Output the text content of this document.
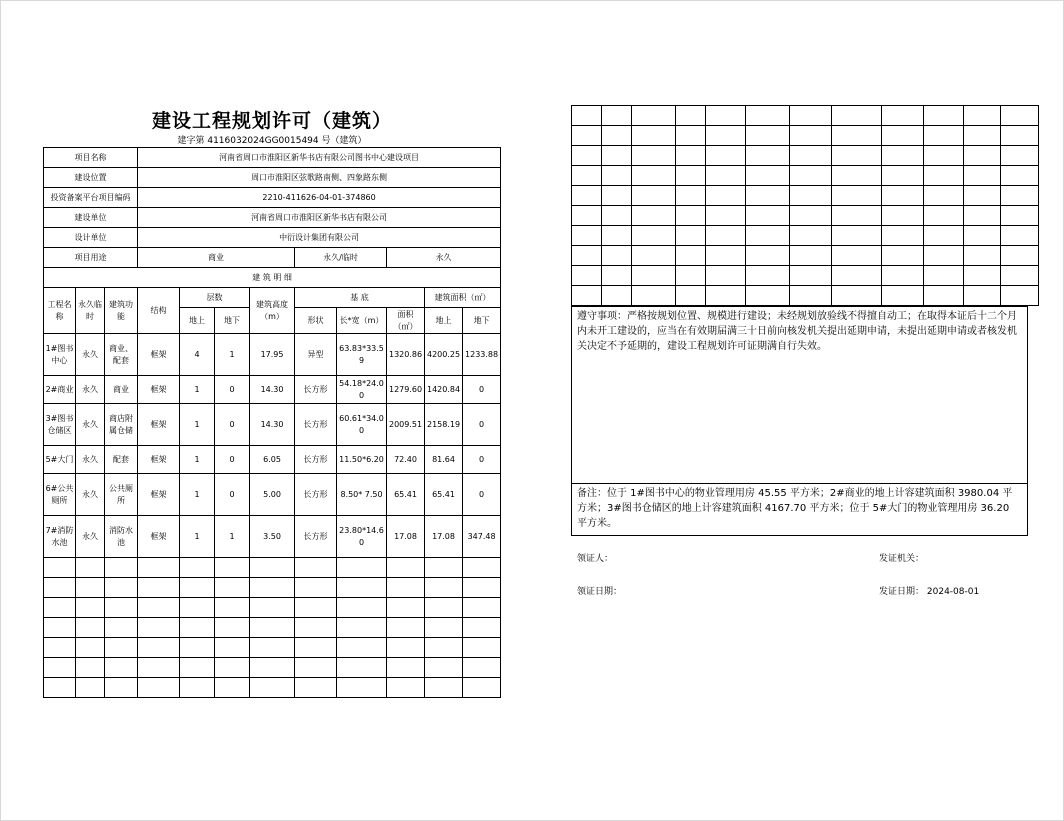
建设工程规划许可（建筑）
建字第 4116032024GG0015494 号（建筑）
项目名称			河南省周口市淮阳区新华书店有限公司图书中心建设项目								
建设位置			周口市淮阳区弦歌路南侧、四象路东侧								
投资备案平台项目编码			2210-411626-04-01-374860								
建设单位			河南省周口市淮阳区新华书店有限公司								
设计单位			中衍设计集团有限公司								
项目用途			商业				永久/临时		永久		
建 筑 明 细											
工程名称	永久临时	建筑功能	结构	层数		建筑高度（m）	基 底			建筑面积（㎡）	
				地上	地下		形状	长*宽（m）	面积（㎡）	地上	地下
1#图书中心	永久	商业、配套	框架	4	1	17.95	异型	63.83*33.59	1320.86	4200.25	1233.88
2#商业	永久	商业	框架	1	0	14.30	长方形	54.18*24.00	1279.60	1420.84	0
3#图书仓储区	永久	商店附属仓储	框架	1	0	14.30	长方形	60.61*34.00	2009.51	2158.19	0
5#大门	永久	配套	框架	1	0	6.05	长方形	11.50*6.20	72.40	81.64	0
6#公共厕所	永久	公共厕所	框架	1	0	5.00	长方形	8.50* 7.50	65.41	65.41	0
7#消防水池	永久	消防水池	框架	1	1	3.50	长方形	23.80*14.60	17.08	17.08	347.48

遵守事项：严格按规划位置、规模进行建设；未经规划放验线不得擅自动工；在取得本证后十二个月内未开工建设的，应当在有效期届满三十日前向核发机关提出延期申请，未提出延期申请或者核发机关决定不予延期的，建设工程规划许可证期满自行失效。
备注：位于 1#图书中心的物业管理用房 45.55 平方米；2#商业的地上计容建筑面积 3980.04 平方米；3#图书仓储区的地上计容建筑面积 4167.70 平方米；位于 5#大门的物业管理用房 36.20 平方米。
领证人：	发证机关：
领证日期：	发证日期： 2024-08-01
